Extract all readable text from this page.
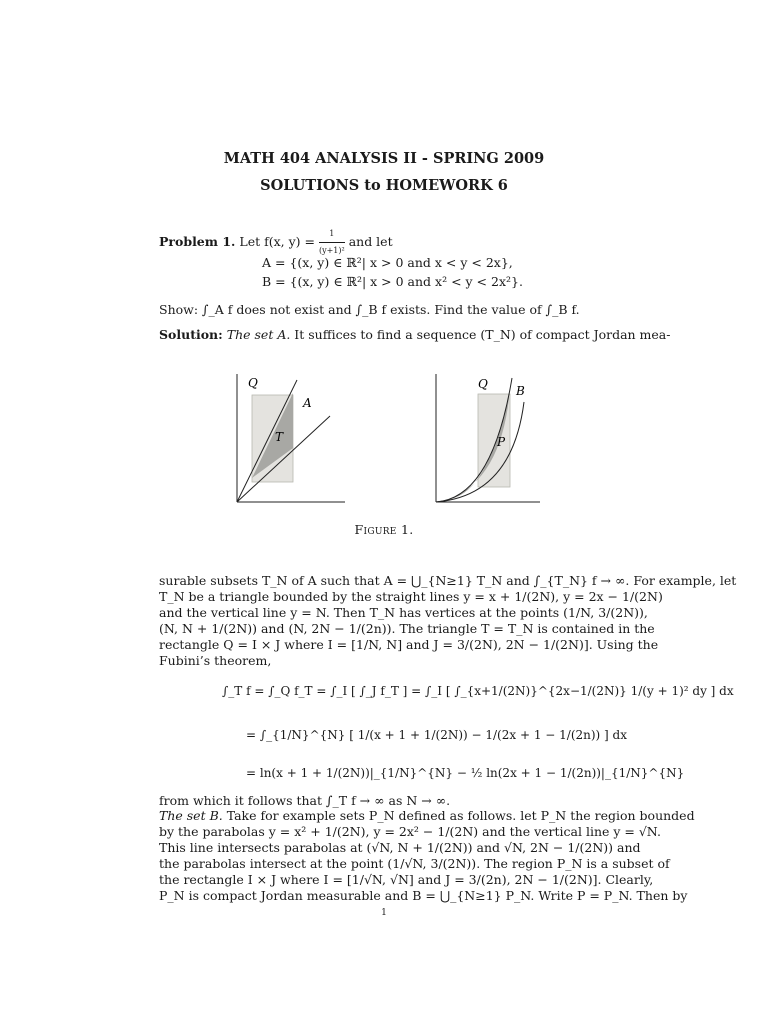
MATH 404 ANALYSIS II - SPRING 2009
SOLUTIONS to HOMEWORK 6
Problem 1. Let f(x, $y) = \frac{1}{\text{(y+1)²}}$ and let
A = {(x, y) ∈ ℝ²| x > 0 and x < y < 2x},
B = {(x, y) ∈ ℝ²| x > 0 and x² < y < 2x²}.
Show: ∫_A f does not exist and ∫_B f exists. Find the value of ∫_B f.
Solution: The set A. It suffices to find a sequence (T_N) of compact Jordan mea-
Q
A
T
Q B
P
Figure 1.
surable subsets T_N of A such that A = ⋃_{N≥1} T_N and ∫_{T_N} f → ∞. For example, let
T_N be a triangle bounded by the straight lines y = x + 1/(2N), y = 2x − 1/(2N)
and the vertical line y = N. Then T_N has vertices at the points (1/N, 3/(2N)),
(N, N + 1/(2N)) and (N, 2N − 1/(2n)). The triangle T = T_N is contained in the
rectangle Q = I × J where I = [1/N, N] and J = 3/(2N), 2N − 1/(2N)]. Using the
Fubini’s theorem,
∫_T f = ∫_Q f_T = ∫_I [ ∫_J f_T ] = ∫_I [ ∫_{x+1/(2N)}^{2x−1/(2N)} 1/(y + 1)² dy ] dx
= ∫_{1/N}^{N} [ 1/(x + 1 + 1/(2N)) − 1/(2x + 1 − 1/(2n)) ] dx
= ln(x + 1 + 1/(2N))|_{1/N}^{N} − ½ ln(2x + 1 − 1/(2n))|_{1/N}^{N}
from which it follows that ∫_T f → ∞ as N → ∞.
The set B. Take for example sets P_N defined as follows. let P_N the region bounded
by the parabolas y = x² + 1/(2N), y = 2x² − 1/(2N) and the vertical line y = √N.
This line intersects parabolas at (√N, N + 1/(2N)) and √N, 2N − 1/(2N)) and
the parabolas intersect at the point (1/√N, 3/(2N)). The region P_N is a subset of
the rectangle I × J where I = [1/√N, √N] and J = 3/(2n), 2N − 1/(2N)]. Clearly,
P_N is compact Jordan measurable and B = ⋃_{N≥1} P_N. Write P = P_N. Then by
1
